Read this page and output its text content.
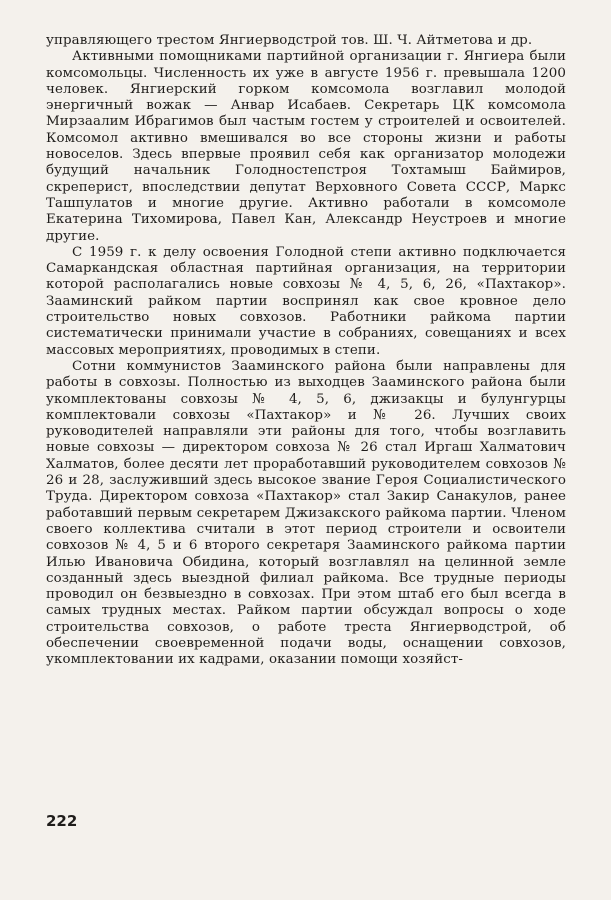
управляющего трестом Янгиерводстрой тов. Ш. Ч. Айтметова и др.

Активными помощниками партийной организации г. Янгиера были комсомольцы. Численность их уже в августе 1956 г. превышала 1200 человек. Янгиерский горком комсомола возглавил молодой энергичный вожак — Анвар Исабаев. Секретарь ЦК комсомола Мирзаалим Ибрагимов был частым гостем у строителей и освоителей. Комсомол активно вмешивался во все стороны жизни и работы новоселов. Здесь впервые проявил себя как организатор молодежи будущий начальник Голодностепстроя Тохтамыш Баймиров, скреперист, впоследствии депутат Верховного Совета СССР, Маркс Ташпулатов и многие другие. Активно работали в комсомоле Екатерина Тихомирова, Павел Кан, Александр Неустроев и многие другие.

С 1959 г. к делу освоения Голодной степи активно подключается Самаркандская областная партийная организация, на территории которой располагались новые совхозы № 4, 5, 6, 26, «Пахтакор». Зааминский райком партии воспринял как свое кровное дело строительство новых совхозов. Работники райкома партии систематически принимали участие в собраниях, совещаниях и всех массовых мероприятиях, проводимых в степи.

Сотни коммунистов Зааминского района были направлены для работы в совхозы. Полностью из выходцев Зааминского района были укомплектованы совхозы № 4, 5, 6, джизакцы и булунгурцы комплектовали совхозы «Пахтакор» и № 26. Лучших своих руководителей направляли эти районы для того, чтобы возглавить новые совхозы — директором совхоза № 26 стал Иргаш Халматович Халматов, более десяти лет проработавший руководителем совхозов № 26 и 28, заслуживший здесь высокое звание Героя Социалистического Труда. Директором совхоза «Пахтакор» стал Закир Санакулов, ранее работавший первым секретарем Джизакского райкома партии. Членом своего коллектива считали в этот период строители и освоители совхозов № 4, 5 и 6 второго секретаря Зааминского райкома партии Илью Ивановича Обидина, который возглавлял на целинной земле созданный здесь выездной филиал райкома. Все трудные периоды проводил он безвыездно в совхозах. При этом штаб его был всегда в самых трудных местах. Райком партии обсуждал вопросы о ходе строительства совхозов, о работе треста Янгиерводстрой, об обеспечении своевременной подачи воды, оснащении совхозов, укомплектовании их кадрами, оказании помощи хозяйст-

222
